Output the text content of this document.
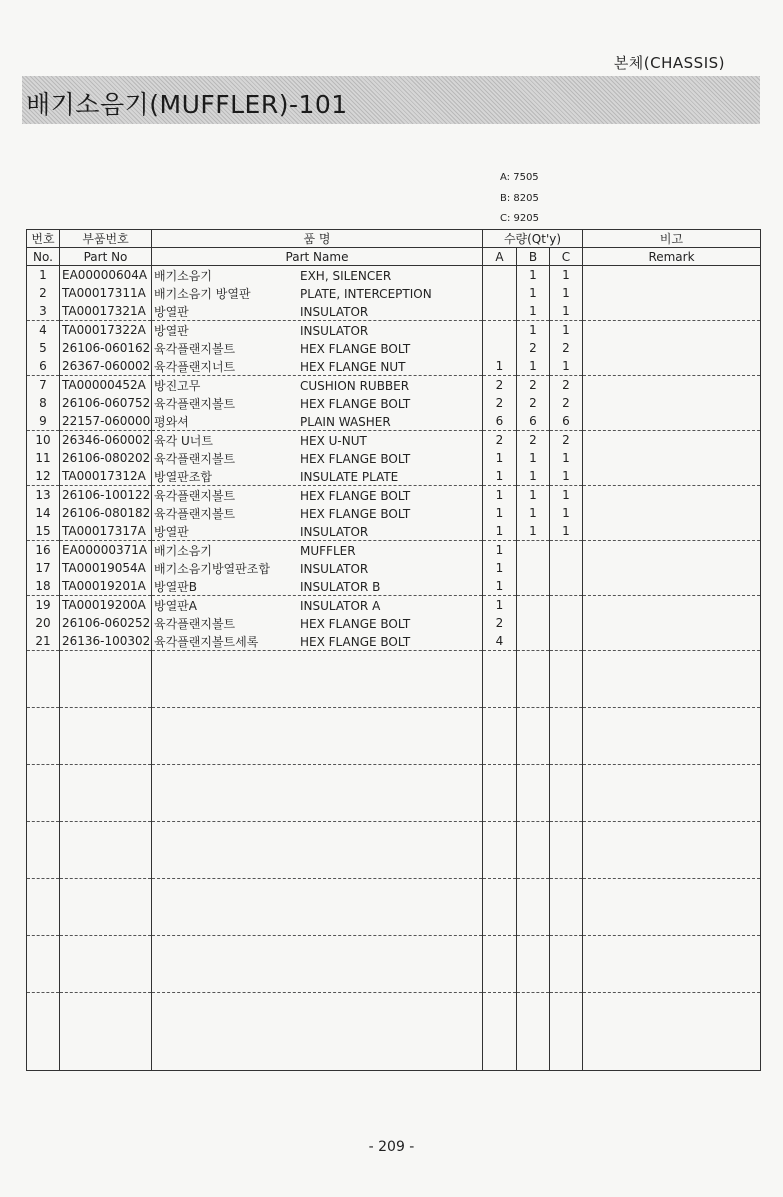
본체(CHASSIS)
배기소음기(MUFFLER)-101
A: 7505
B: 8205
C: 9205
번호	부품번호	품 명	수량(Qt'y)			비고
No.	Part No	Part Name	A	B	C	Remark
1	EA00000604A	배기소음기 EXH, SILENCER		1	1	
2	TA00017311A	배기소음기 방열판 PLATE, INTERCEPTION		1	1	
3	TA00017321A	방열판 INSULATOR		1	1	
4	TA00017322A	방열판 INSULATOR		1	1	
5	26106-060162	육각플랜지볼트 HEX FLANGE BOLT		2	2	
6	26367-060002	육각플랜지너트 HEX FLANGE NUT	1	1	1	
7	TA00000452A	방진고무 CUSHION RUBBER	2	2	2	
8	26106-060752	육각플랜지볼트 HEX FLANGE BOLT	2	2	2	
9	22157-060000	평와셔 PLAIN WASHER	6	6	6	
10	26346-060002	육각 U너트 HEX U-NUT	2	2	2	
11	26106-080202	육각플랜지볼트 HEX FLANGE BOLT	1	1	1	
12	TA00017312A	방열판조합 INSULATE PLATE	1	1	1	
13	26106-100122	육각플랜지볼트 HEX FLANGE BOLT	1	1	1	
14	26106-080182	육각플랜지볼트 HEX FLANGE BOLT	1	1	1	
15	TA00017317A	방열판 INSULATOR	1	1	1	
16	EA00000371A	배기소음기 MUFFLER	1			
17	TA00019054A	배기소음기방열판조합 INSULATOR	1			
18	TA00019201A	방열판B INSULATOR B	1			
19	TA00019200A	방열판A INSULATOR A	1			
20	26106-060252	육각플랜지볼트 HEX FLANGE BOLT	2			
21	26136-100302	육각플랜지볼트세록 HEX FLANGE BOLT	4			

- 209 -
